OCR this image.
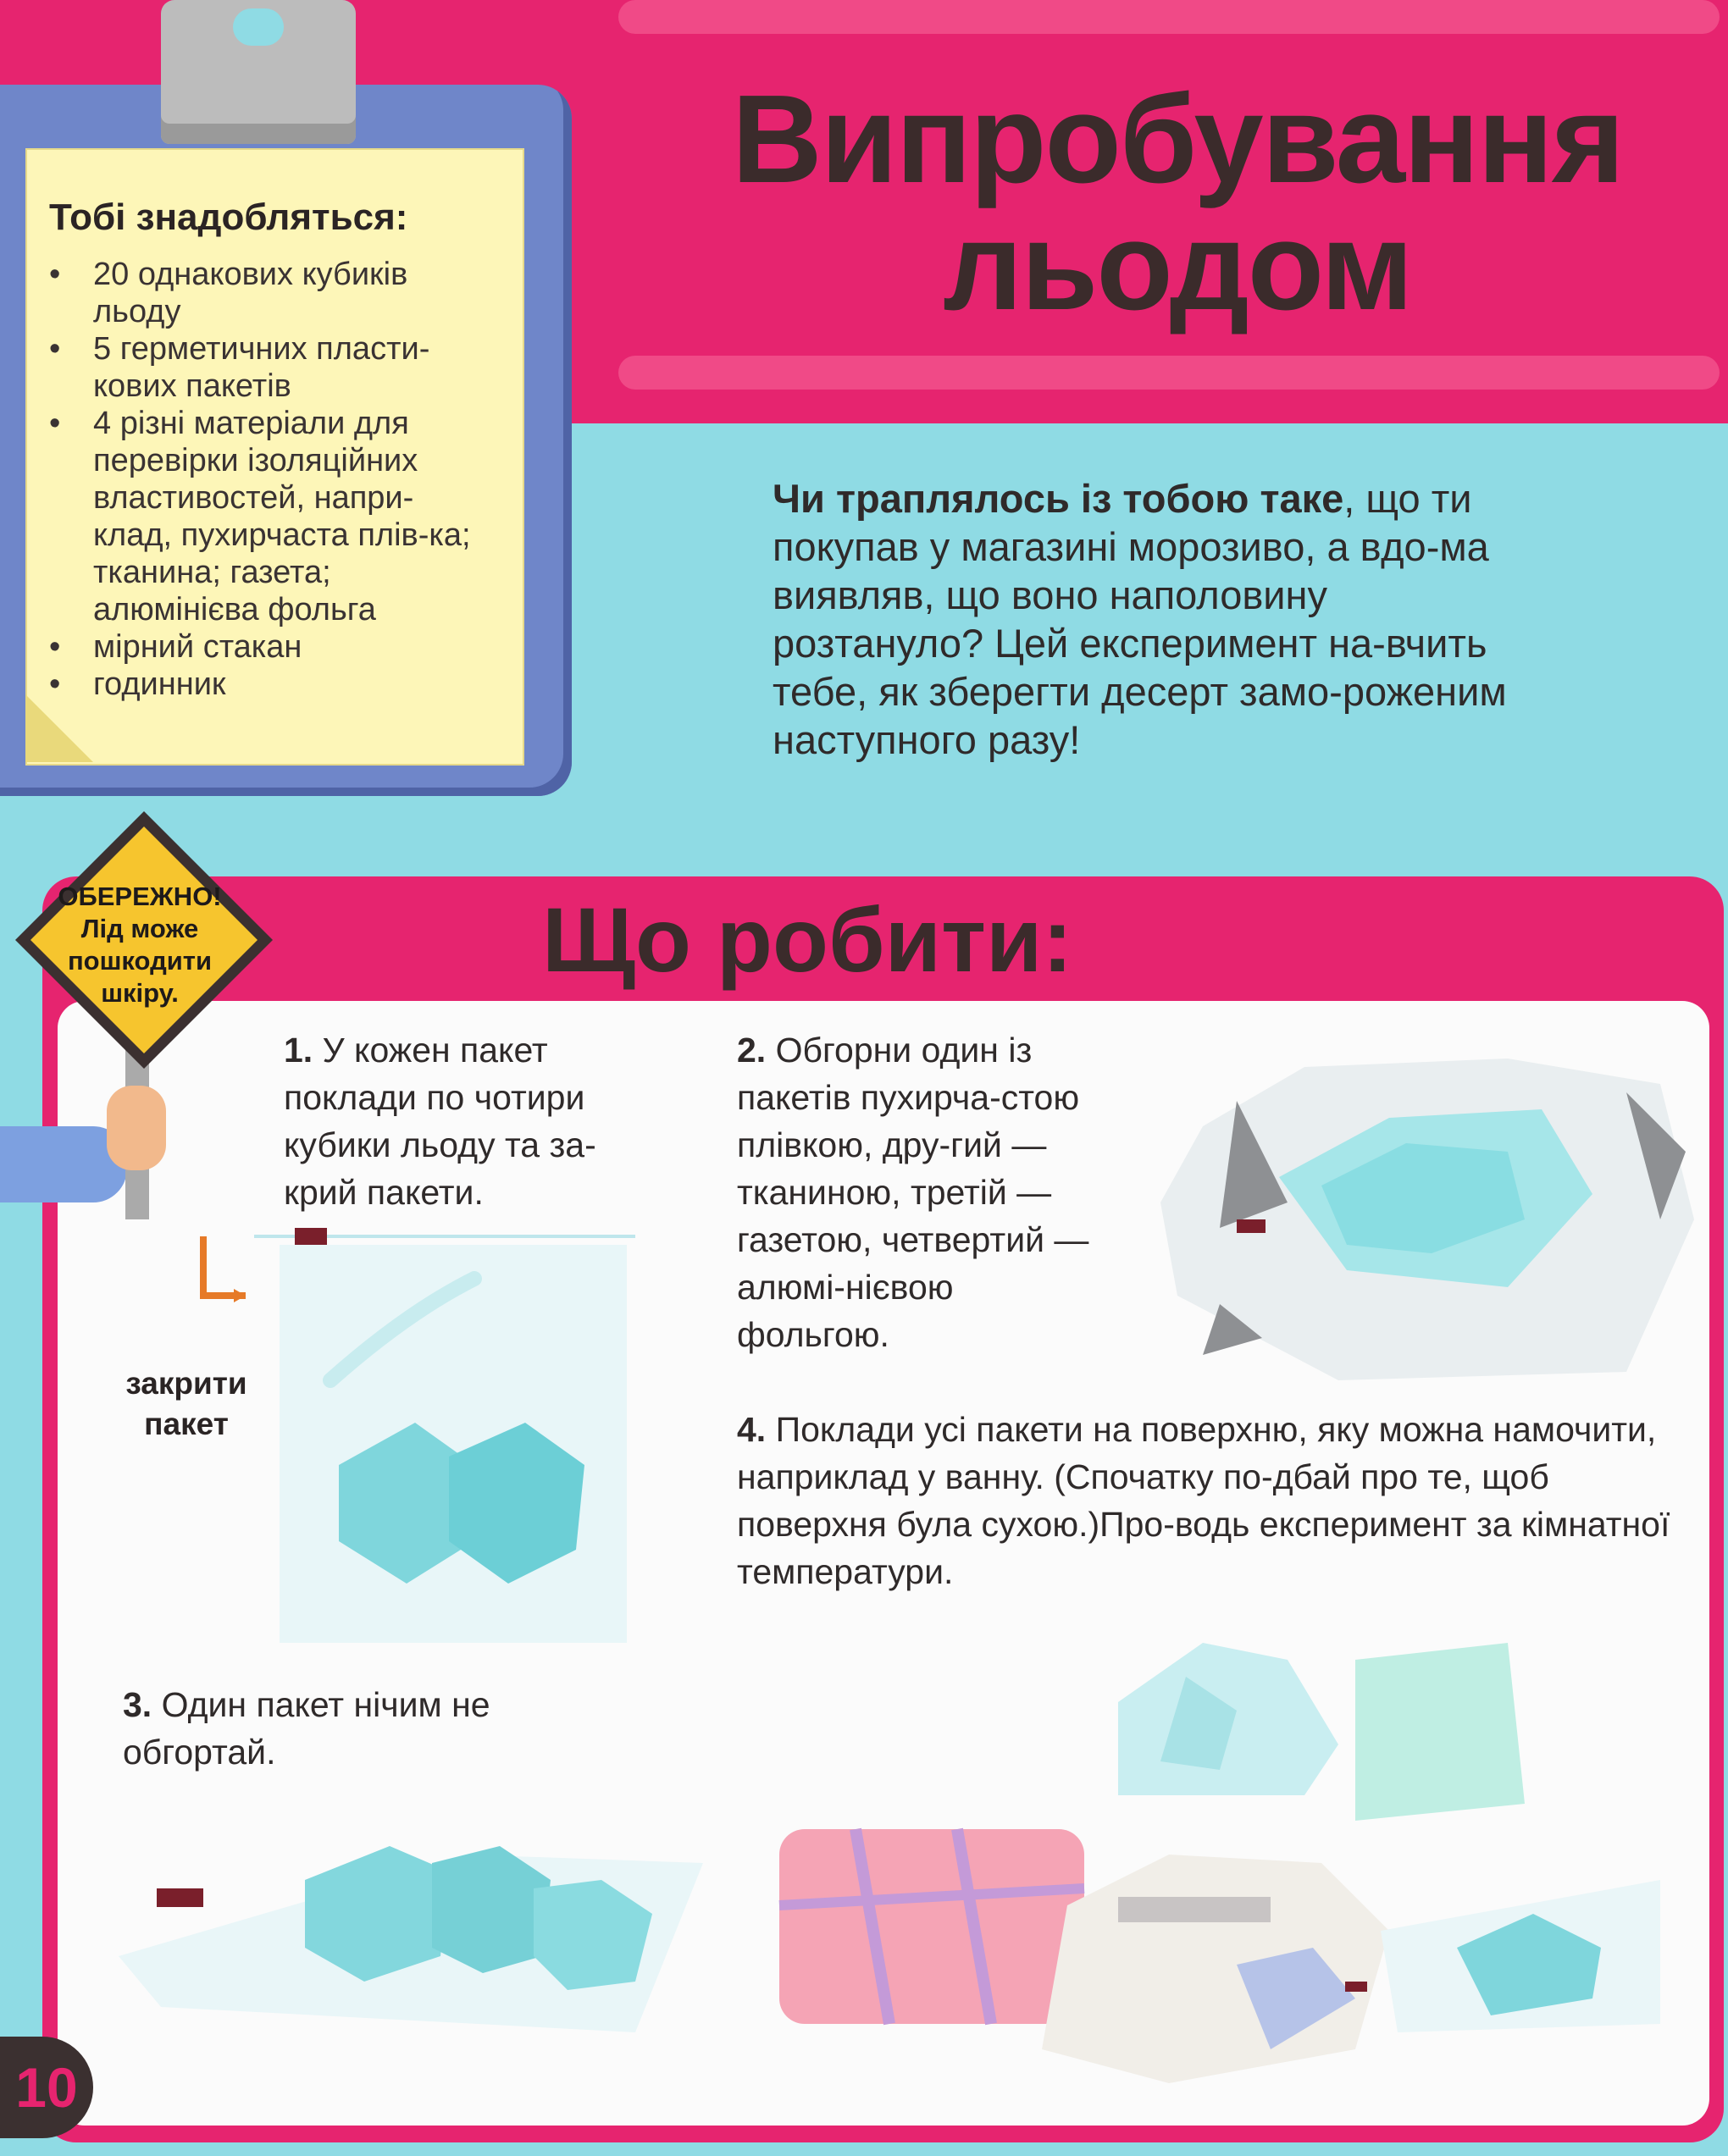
Випробування
льодом
Тобі знадобляться:
• 20 однакових кубиків льоду
• 5 герметичних пласти-кових пакетів
• 4 різні матеріали для перевірки ізоляційних властивостей, напри-клад, пухирчаста плів-ка; тканина; газета; алюмінієва фольга
• мірний стакан
• годинник
Чи траплялось із тобою таке, що ти покупав у магазині морозиво, а вдо-ма виявляв, що воно наполовину розтануло? Цей експеримент на-вчить тебе, як зберегти десерт замо-роженим наступного разу!
Що робити:
ОБЕРЕЖНО!
Лід може
пошкодити
шкіру.
1. У кожен пакет поклади по чотири кубики льоду та за-крий пакети.
закрити
пакет
2. Обгорни один із пакетів пухирча-стою плівкою, дру-гий — тканиною, третій — газетою, четвертий — алюмі-нієвою фольгою.
4. Поклади усі пакети на поверхню, яку можна намочити, наприклад у ванну. (Спочатку по-дбай про те, щоб поверхня була сухою.)Про-водь експеримент за кімнатної температури.
3. Один пакет нічим не обгортай.
10
